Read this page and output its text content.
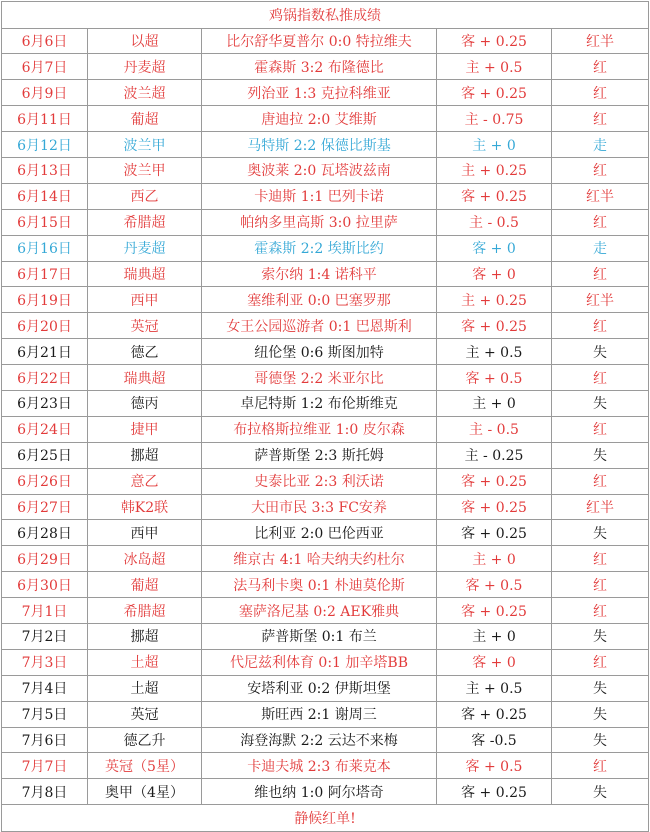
鸡锅指数私推成绩				
6月6日	以超	比尔舒华夏普尔 0:0 特拉维夫	客 + 0.25	红半
6月7日	丹麦超	霍森斯 3:2 布隆德比	主 + 0.5	红
6月9日	波兰超	列治亚 1:3 克拉科维亚	客 + 0.25	红
6月11日	葡超	唐迪拉 2:0 艾维斯	主 - 0.75	红
6月12日	波兰甲	马特斯 2:2 保德比斯基	主 + 0	走
6月13日	波兰甲	奥波莱 2:0 瓦塔波兹南	主 + 0.25	红
6月14日	西乙	卡迪斯 1:1 巴列卡诺	客 + 0.25	红半
6月15日	希腊超	帕纳多里高斯 3:0 拉里萨	主 - 0.5	红
6月16日	丹麦超	霍森斯 2:2 埃斯比约	客 + 0	走
6月17日	瑞典超	索尔纳 1:4 诺科平	客 + 0	红
6月19日	西甲	塞维利亚 0:0 巴塞罗那	主 + 0.25	红半
6月20日	英冠	女王公园巡游者 0:1 巴恩斯利	客 + 0.25	红
6月21日	德乙	纽伦堡 0:6 斯图加特	主 + 0.5	失
6月22日	瑞典超	哥德堡 2:2 米亚尔比	客 + 0.5	红
6月23日	德丙	卓尼特斯 1:2 布伦斯维克	主 + 0	失
6月24日	捷甲	布拉格斯拉维亚 1:0 皮尔森	主 - 0.5	红
6月25日	挪超	萨普斯堡 2:3 斯托姆	主 - 0.25	失
6月26日	意乙	史泰比亚 2:3 利沃诺	客 + 0.25	红
6月27日	韩K2联	大田市民 3:3 FC安养	客 + 0.25	红半
6月28日	西甲	比利亚 2:0 巴伦西亚	客 + 0.25	失
6月29日	冰岛超	维京古 4:1 哈夫纳夫约杜尔	主 + 0	红
6月30日	葡超	法马利卡奥 0:1 朴迪莫伦斯	客 + 0.5	红
7月1日	希腊超	塞萨洛尼基 0:2 AEK雅典	客 + 0.25	红
7月2日	挪超	萨普斯堡 0:1 布兰	主 + 0	失
7月3日	土超	代尼兹利体育 0:1 加辛塔BB	客 + 0	红
7月4日	土超	安塔利亚 0:2 伊斯坦堡	主 + 0.5	失
7月5日	英冠	斯旺西 2:1 谢周三	客 + 0.25	失
7月6日	德乙升	海登海默 2:2 云达不来梅	客 -0.5	失
7月7日	英冠（5星）	卡迪夫城 2:3 布莱克本	客 + 0.5	红
7月8日	奥甲（4星）	维也纳 1:0 阿尔塔奇	客 + 0.25	失
静候红单!				
